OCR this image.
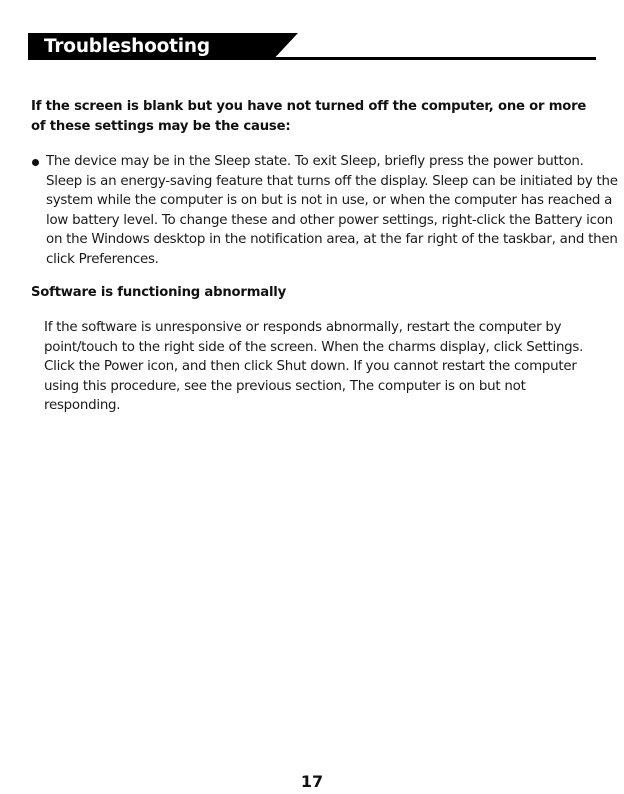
Troubleshooting

If the screen is blank but you have not turned off the computer, one or more of these settings may be the cause:

The device may be in the Sleep state. To exit Sleep, briefly press the power button. Sleep is an energy-saving feature that turns off the display. Sleep can be initiated by the system while the computer is on but is not in use, or when the computer has reached a low battery level. To change these and other power settings, right-click the Battery icon on the Windows desktop in the notification area, at the far right of the taskbar, and then click Preferences.

Software is functioning abnormally

If the software is unresponsive or responds abnormally, restart the computer by point/touch to the right side of the screen. When the charms display, click Settings. Click the Power icon, and then click Shut down. If you cannot restart the computer using this procedure, see the previous section, The computer is on but not responding.

17
